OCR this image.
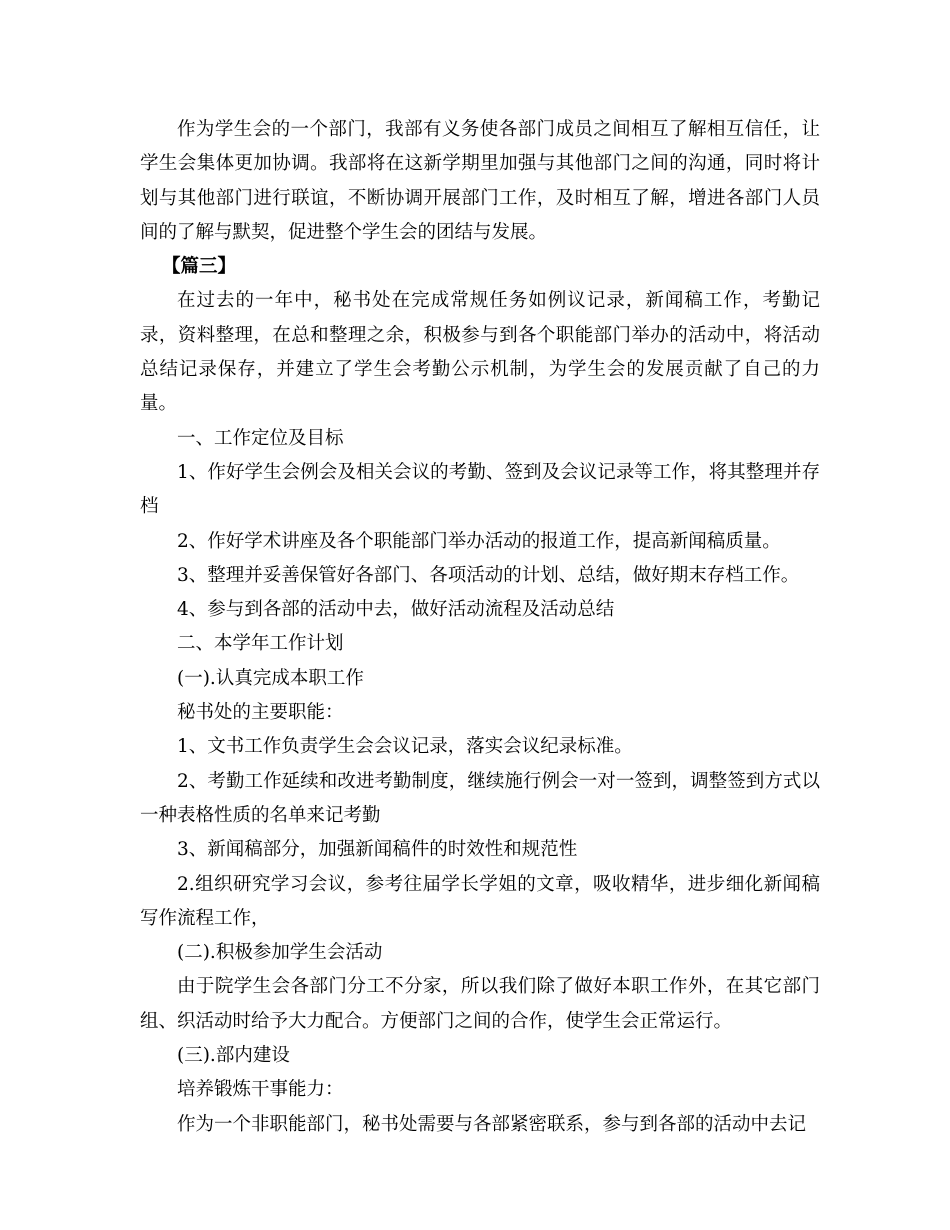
作为学生会的一个部门，我部有义务使各部门成员之间相互了解相互信任，让学生会集体更加协调。我部将在这新学期里加强与其他部门之间的沟通，同时将计划与其他部门进行联谊，不断协调开展部门工作，及时相互了解，增进各部门人员间的了解与默契，促进整个学生会的团结与发展。

【篇三】

在过去的一年中，秘书处在完成常规任务如例议记录，新闻稿工作，考勤记录，资料整理，在总和整理之余，积极参与到各个职能部门举办的活动中，将活动总结记录保存，并建立了学生会考勤公示机制，为学生会的发展贡献了自己的力量。

一、工作定位及目标

1、作好学生会例会及相关会议的考勤、签到及会议记录等工作，将其整理并存档

2、作好学术讲座及各个职能部门举办活动的报道工作，提高新闻稿质量。

3、整理并妥善保管好各部门、各项活动的计划、总结，做好期末存档工作。

4、参与到各部的活动中去，做好活动流程及活动总结

二、本学年工作计划

(一).认真完成本职工作

秘书处的主要职能：

1、文书工作负责学生会会议记录，落实会议纪录标准。

2、考勤工作延续和改进考勤制度，继续施行例会一对一签到，调整签到方式以一种表格性质的名单来记考勤

3、新闻稿部分，加强新闻稿件的时效性和规范性

2.组织研究学习会议，参考往届学长学姐的文章，吸收精华，进步细化新闻稿写作流程工作，

(二).积极参加学生会活动

由于院学生会各部门分工不分家，所以我们除了做好本职工作外，在其它部门组、织活动时给予大力配合。方便部门之间的合作，使学生会正常运行。

(三).部内建设

培养锻炼干事能力：

作为一个非职能部门，秘书处需要与各部紧密联系，参与到各部的活动中去记
